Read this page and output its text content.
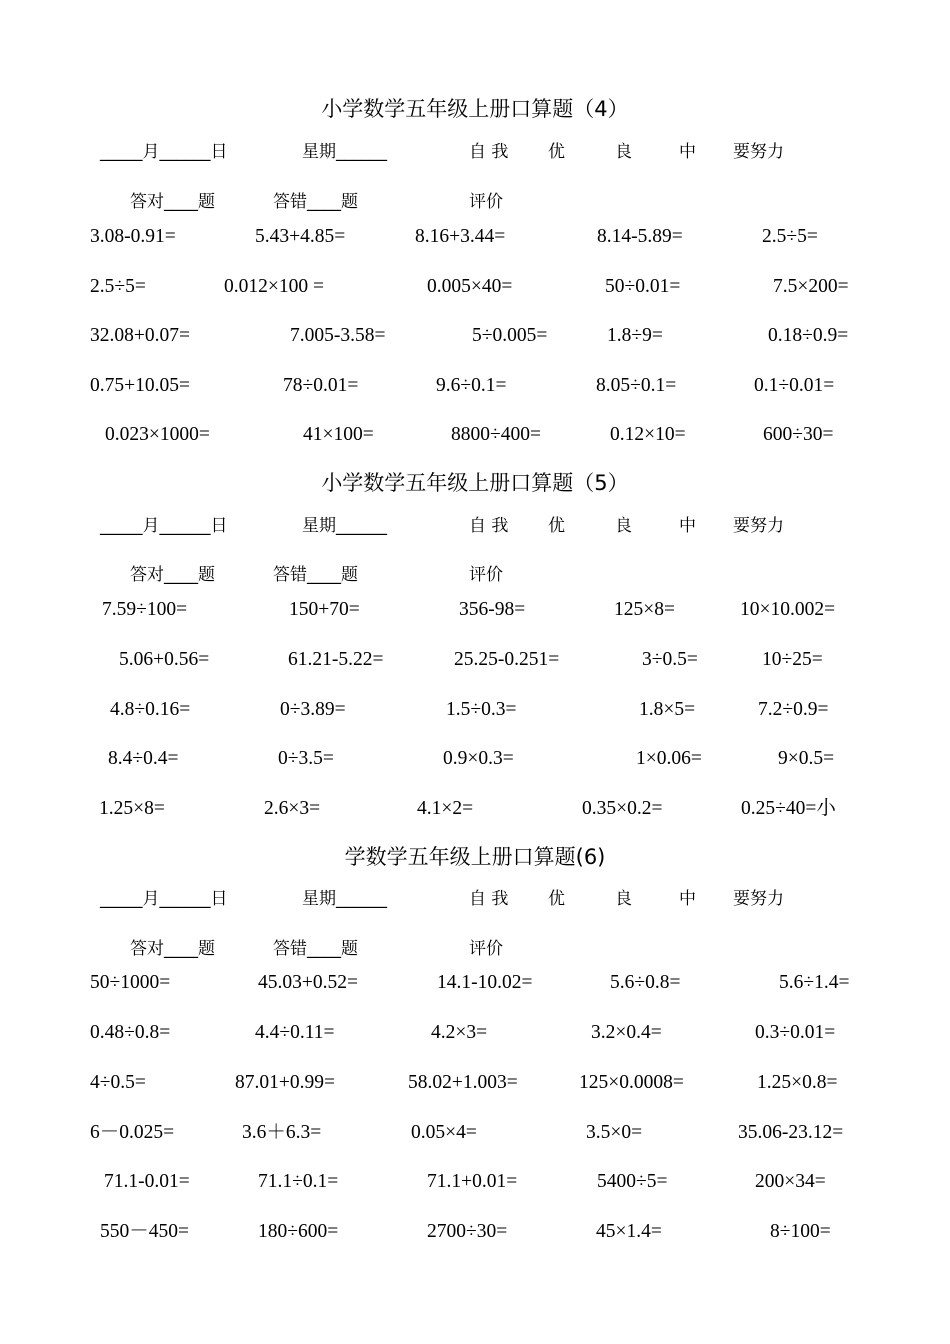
小学数学五年级上册口算题（4）
_____月______日	星期______	自 我 优	良	中 要努力
答对____题	答错____题	评价
3.08-0.91=	5.43+4.85=	8.16+3.44=	8.14-5.89=	2.5÷5=
2.5÷5=	0.012×100 =	0.005×40=	50÷0.01=	7.5×200=
32.08+0.07=	7.005-3.58=	5÷0.005=	1.8÷9=	0.18÷0.9=
0.75+10.05=	78÷0.01=	9.6÷0.1=	8.05÷0.1=	0.1÷0.01=
0.023×1000=	41×100=	8800÷400=	0.12×10=	600÷30=
小学数学五年级上册口算题（5）
_____月______日	星期______	自 我 优	良	中 要努力
答对____题	答错____题	评价
7.59÷100=	150+70=	356-98=	125×8=	10×10.002=
5.06+0.56=	61.21-5.22=	25.25-0.251=	3÷0.5=	10÷25=
4.8÷0.16=	0÷3.89=	1.5÷0.3=	1.8×5=	7.2÷0.9=
8.4÷0.4=	0÷3.5=	0.9×0.3=	1×0.06=	9×0.5=
1.25×8=	2.6×3=	4.1×2=	0.35×0.2=	0.25÷40=小
学数学五年级上册口算题(6)
_____月______日	星期______	自 我 优	良	中 要努力
答对____题	答错____题	评价
50÷1000=	45.03+0.52=	14.1-10.02=	5.6÷0.8=	5.6÷1.4=
0.48÷0.8=	4.4÷0.11=	4.2×3=	3.2×0.4=	0.3÷0.01=
4÷0.5=	87.01+0.99=	58.02+1.003=	125×0.0008=	1.25×0.8=
6－0.025=	3.6＋6.3=	0.05×4=	3.5×0=	35.06-23.12=
71.1-0.01=	71.1÷0.1=	71.1+0.01=	5400÷5=	200×34=
550－450=	180÷600=	2700÷30=	45×1.4=	8÷100=
